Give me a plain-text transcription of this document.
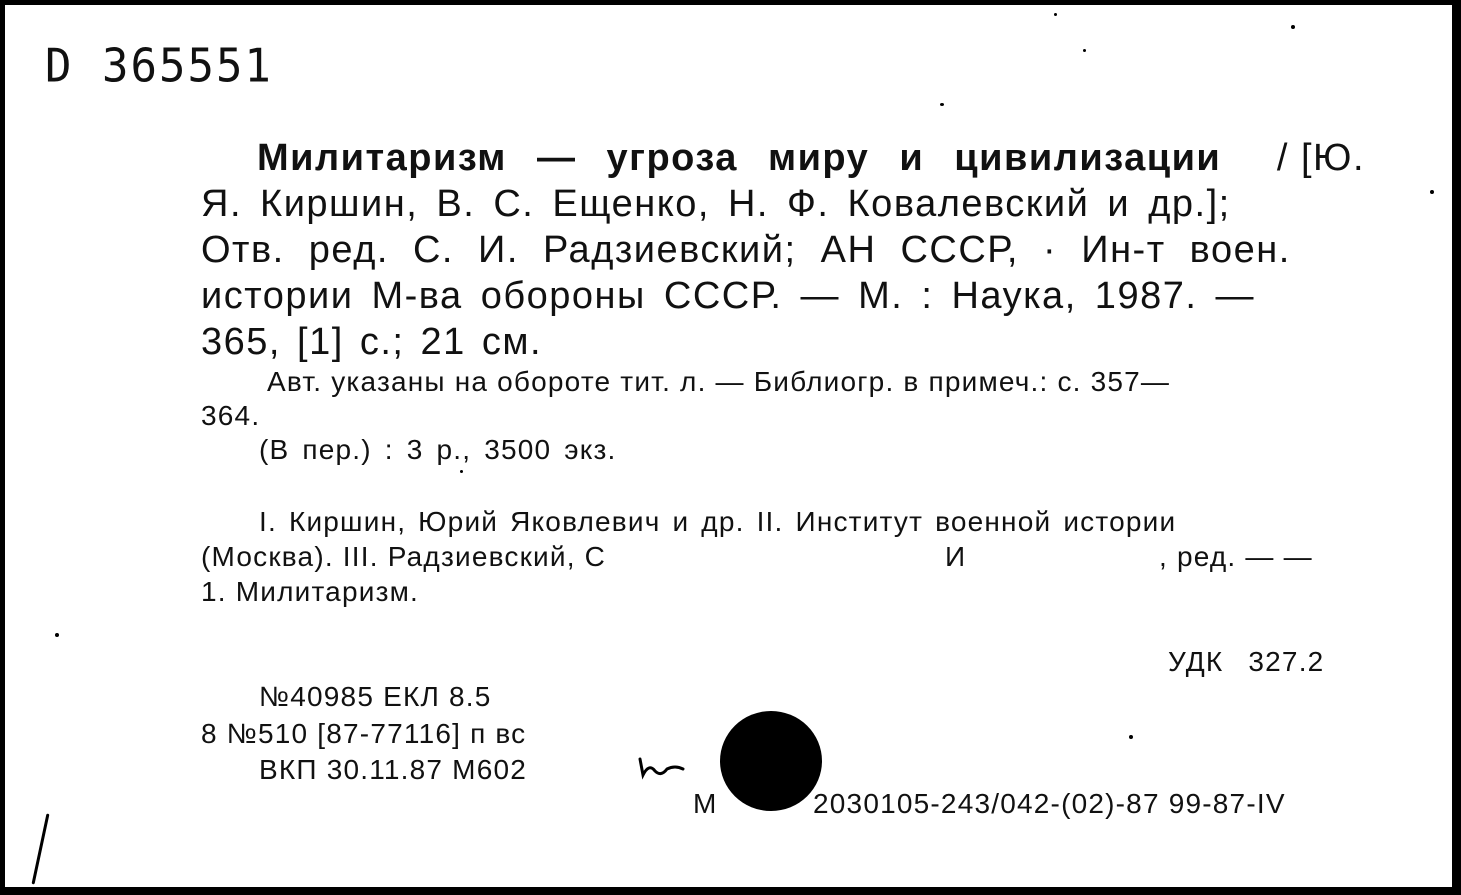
D 365551
Милитаризм — угроза миру и цивилизации / [Ю.
Я. Киршин, В. С. Ещенко, Н. Ф. Ковалевский и др.];
Отв. ред. С. И. Радзиевский; АН СССР, · Ин-т воен.
истории М-ва обороны СССР. — М. : Наука, 1987. —
365, [1] с.; 21 см.
Авт. указаны на обороте тит. л. — Библиогр. в примеч.: с. 357—
364.
(В пер.) : 3 р., 3500 экз.
I. Киршин, Юрий Яковлевич и др. II. Институт военной истории
(Москва). III. Радзиевский, С	И	, ред. — —
1. Милитаризм.
УДК 327.2
№40985 ЕКЛ 8.5
8 №510 [87-77116] п вс
ВКП 30.11.87 М602
М	2030105-243/042-(02)-87 99-87-IV
